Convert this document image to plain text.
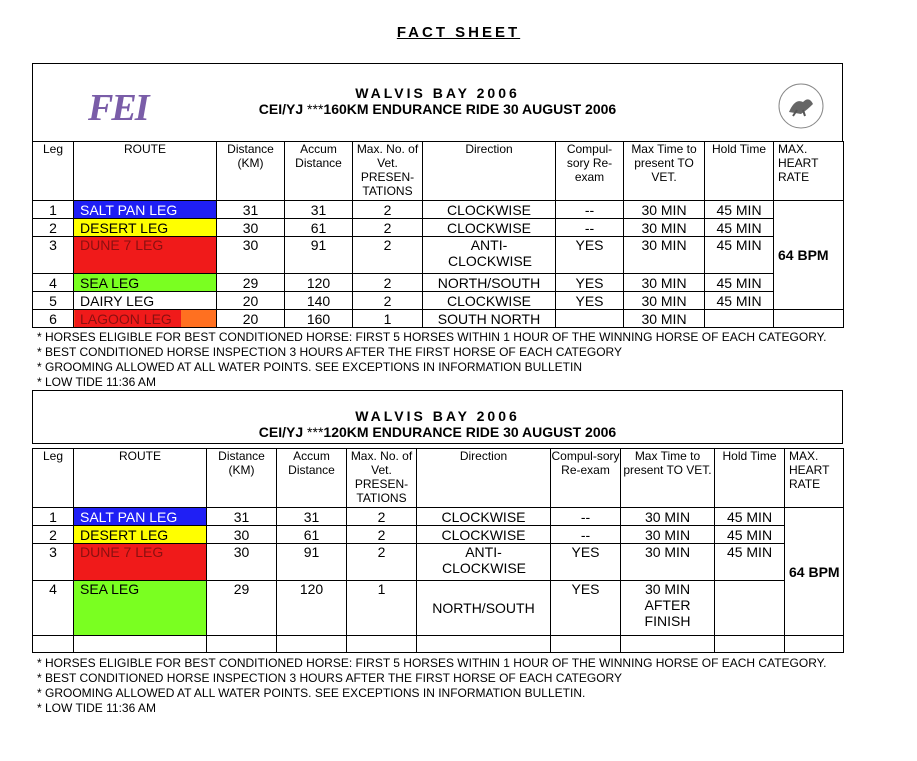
FACT SHEET
FEI	WALVIS BAY 2006
CEI/YJ ***160KM ENDURANCE RIDE 30 AUGUST 2006
Leg	ROUTE	Distance (KM)	Accum Distance	Max. No. of Vet. PRESEN-TATIONS	Direction	Compul-sory Re-exam	Max Time to present TO VET.	Hold Time	MAX. HEART RATE
1	SALT PAN LEG	31	31	2	CLOCKWISE	--	30 MIN	45 MIN	64 BPM
2	DESERT LEG	30	61	2	CLOCKWISE	--	30 MIN	45 MIN	
3	DUNE 7 LEG	30	91	2	ANTI- CLOCKWISE	YES	30 MIN	45 MIN	
4	SEA LEG	29	120	2	NORTH/SOUTH	YES	30 MIN	45 MIN	
5	DAIRY LEG	20	140	2	CLOCKWISE	YES	30 MIN	45 MIN	
6	LAGOON LEG	20	160	1	SOUTH NORTH		30 MIN		
* HORSES ELIGIBLE FOR BEST CONDITIONED HORSE: FIRST 5 HORSES WITHIN 1 HOUR OF THE WINNING HORSE OF EACH CATEGORY.
* BEST CONDITIONED HORSE INSPECTION 3 HOURS AFTER THE FIRST HORSE OF EACH CATEGORY
* GROOMING ALLOWED AT ALL WATER POINTS. SEE EXCEPTIONS IN INFORMATION BULLETIN
* LOW TIDE 11:36 AM
WALVIS BAY 2006
CEI/YJ ***120KM ENDURANCE RIDE 30 AUGUST 2006
Leg	ROUTE	Distance (KM)	Accum Distance	Max. No. of Vet. PRESEN-TATIONS	Direction	Compul-sory Re-exam	Max Time to present TO VET.	Hold Time	MAX. HEART RATE
1	SALT PAN LEG	31	31	2	CLOCKWISE	--	30 MIN	45 MIN	64 BPM
2	DESERT LEG	30	61	2	CLOCKWISE	--	30 MIN	45 MIN	
3	DUNE 7 LEG	30	91	2	ANTI- CLOCKWISE	YES	30 MIN	45 MIN	
4	SEA LEG	29	120	1	NORTH/SOUTH	YES	30 MIN AFTER FINISH		

* HORSES ELIGIBLE FOR BEST CONDITIONED HORSE: FIRST 5 HORSES WITHIN 1 HOUR OF THE WINNING HORSE OF EACH CATEGORY.
* BEST CONDITIONED HORSE INSPECTION 3 HOURS AFTER THE FIRST HORSE OF EACH CATEGORY
* GROOMING ALLOWED AT ALL WATER POINTS. SEE EXCEPTIONS IN INFORMATION BULLETIN.
* LOW TIDE 11:36 AM
